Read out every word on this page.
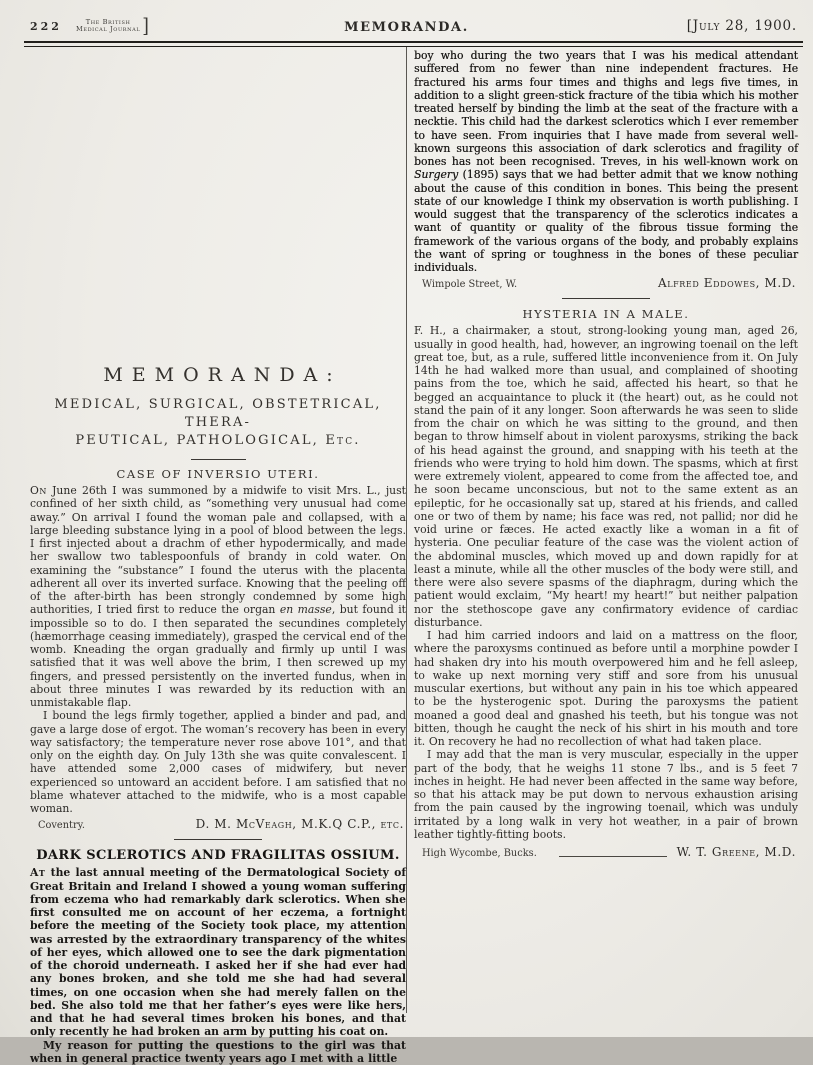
222	The British
Medical Journal ]	MEMORANDA.	[July 28, 1900.
MEMORANDA:
MEDICAL, SURGICAL, OBSTETRICAL, THERA-
PEUTICAL, PATHOLOGICAL, Etc.
CASE OF INVERSIO UTERI.

On June 26th I was summoned by a midwife to visit Mrs. L., just confined of her sixth child, as “something very unusual had come away.” On arrival I found the woman pale and collapsed, with a large bleeding substance lying in a pool of blood between the legs. I first injected about a drachm of ether hypodermically, and made her swallow two tablespoonfuls of brandy in cold water. On examining the “substance” I found the uterus with the placenta adherent all over its inverted surface. Knowing that the peeling off of the after-birth has been strongly condemned by some high authorities, I tried first to reduce the organ en masse, but found it impossible so to do. I then separated the secundines completely (hæmorrhage ceasing immediately), grasped the cervical end of the womb. Kneading the organ gradually and firmly up until I was satisfied that it was well above the brim, I then screwed up my fingers, and pressed persistently on the inverted fundus, when in about three minutes I was rewarded by its reduction with an unmistakable flap.

I bound the legs firmly together, applied a binder and pad, and gave a large dose of ergot. The woman’s recovery has been in every way satisfactory; the temperature never rose above 101°, and that only on the eighth day. On July 13th she was quite convalescent. I have attended some 2,000 cases of midwifery, but never experienced so untoward an accident before. I am satisfied that no blame whatever attached to the midwife, who is a most capable woman.

Coventry.	D. M. McVeagh, M.K.Q C.P., etc.
DARK SCLEROTICS AND FRAGILITAS OSSIUM.

At the last annual meeting of the Dermatological Society of Great Britain and Ireland I showed a young woman suffering from eczema who had remarkably dark sclerotics. When she first consulted me on account of her eczema, a fortnight before the meeting of the Society took place, my attention was arrested by the extraordinary transparency of the whites of her eyes, which allowed one to see the dark pigmentation of the choroid underneath. I asked her if she had ever had any bones broken, and she told me she had had several times, on one occasion when she had merely fallen on the bed. She also told me that her father’s eyes were like hers, and that he had several times broken his bones, and that only recently he had broken an arm by putting his coat on.

My reason for putting the questions to the girl was that when in general practice twenty years ago I met with a little

boy who during the two years that I was his medical attendant suffered from no fewer than nine independent fractures. He fractured his arms four times and thighs and legs five times, in addition to a slight green-stick fracture of the tibia which his mother treated herself by binding the limb at the seat of the fracture with a necktie. This child had the darkest sclerotics which I ever remember to have seen. From inquiries that I have made from several well-known surgeons this association of dark sclerotics and fragility of bones has not been recognised. Treves, in his well-known work on Surgery (1895) says that we had better admit that we know nothing about the cause of this condition in bones. This being the present state of our knowledge I think my observation is worth publishing. I would suggest that the transparency of the sclerotics indicates a want of quantity or quality of the fibrous tissue forming the framework of the various organs of the body, and probably explains the want of spring or toughness in the bones of these peculiar individuals.

Wimpole Street, W.	Alfred Eddowes, M.D.
HYSTERIA IN A MALE.

F. H., a chairmaker, a stout, strong-looking young man, aged 26, usually in good health, had, however, an ingrowing toenail on the left great toe, but, as a rule, suffered little inconvenience from it. On July 14th he had walked more than usual, and complained of shooting pains from the toe, which he said, affected his heart, so that he begged an acquaintance to pluck it (the heart) out, as he could not stand the pain of it any longer. Soon afterwards he was seen to slide from the chair on which he was sitting to the ground, and then began to throw himself about in violent paroxysms, striking the back of his head against the ground, and snapping with his teeth at the friends who were trying to hold him down. The spasms, which at first were extremely violent, appeared to come from the affected toe, and he soon became unconscious, but not to the same extent as an epileptic, for he occasionally sat up, stared at his friends, and called one or two of them by name; his face was red, not pallid; nor did he void urine or fæces. He acted exactly like a woman in a fit of hysteria. One peculiar feature of the case was the violent action of the abdominal muscles, which moved up and down rapidly for at least a minute, while all the other muscles of the body were still, and there were also severe spasms of the diaphragm, during which the patient would exclaim, “My heart! my heart!” but neither palpation nor the stethoscope gave any confirmatory evidence of cardiac disturbance.

I had him carried indoors and laid on a mattress on the floor, where the paroxysms continued as before until a morphine powder I had shaken dry into his mouth overpowered him and he fell asleep, to wake up next morning very stiff and sore from his unusual muscular exertions, but without any pain in his toe which appeared to be the hysterogenic spot. During the paroxysms the patient moaned a good deal and gnashed his teeth, but his tongue was not bitten, though he caught the neck of his shirt in his mouth and tore it. On recovery he had no recollection of what had taken place.

I may add that the man is very muscular, especially in the upper part of the body, that he weighs 11 stone 7 lbs., and is 5 feet 7 inches in height. He had never been affected in the same way before, so that his attack may be put down to nervous exhaustion arising from the pain caused by the ingrowing toenail, which was unduly irritated by a long walk in very hot weather, in a pair of brown leather tightly-fitting boots.

High Wycombe, Bucks.	W. T. Greene, M.D.
